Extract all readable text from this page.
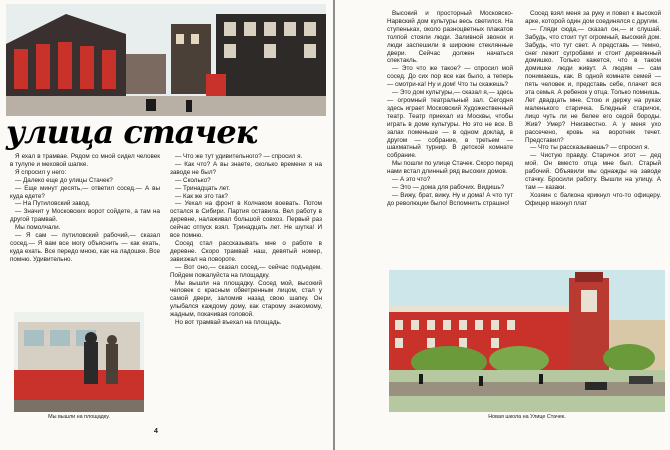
улица стачек

Я ехал в трамвае. Рядом со мной сидел человек в тулупе и меховой шапке.

Я спросил у него:

— Далеко еще до улицы Стачек?

— Еще минут десять,— ответил сосед.— А вы куда едете?

— На Путиловский завод.

— Значит у Московских ворот сойдете, а там на другой трамвай.

Мы помолчали.

— Я сам — путиловский рабочий,— сказал сосед.— Я вам все могу объяснить — как ехать, куда ехать. Все передо мною, как на ладошке. Все помню. Удивительно.

Мы вышли на площадку.

— Что же тут удивительного? — спросил я.

— Как что? А вы знаете, сколько времени я на заводе не был?

— Сколько?

— Тринадцать лет.

— Как же это так?

— Уехал на фронт в Колчаком воевать. Потом остался в Сибири. Партия оставила. Вел работу в деревне, налаживал большой совхоз. Первый раз сейчас отпуск взял. Тринадцать лет. Не шутка! И все помню.

Сосед стал рассказывать мне о работе в деревне. Скоро трамвай наш, девятый номер, завизжал на повороте.

— Вот оно,— сказал сосед,— сейчас подъедем. Пойдем пожалуйста на площадку.

Мы вышли на площадку. Сосед мой, высокий человек с красным обветренным лицом, стал у самой двери, заломив назад свою шапку. Он улыбался каждому дому, как старому знакомому, жадным, покачивая головой.

Но вот трамвай въехал на площадь.

4

Высокий и просторный Московско-Нарвский дом культуры весь светился. На ступеньках, около разноцветных плакатов толпой стояли люди. Заливной звонок и люди заспешили в широкие стеклянные двери. Сейчас должен начаться спектакль.

— Это что же такое? — спросил мой сосед. До сих пор все как было, а теперь — смотри-ка! Ну и дом! Что ты скажешь?

— Это дом культуры,— сказал я,— здесь — огромный театральный зал. Сегодня здесь играет Московский Художественный театр. Театр приехал из Москвы, чтобы играть в доме культуры. Но это не все. В залах поменьше — в одном доклад, в другом — собрание, в третьем — шахматный турнир. В детской комнате собрание.

Мы пошли по улице Стачек. Скоро перед нами встал длинный ряд высоких домов.

— А это что?

— Это — дома для рабочих. Видишь?

— Вижу, брат, вижу. Ну и дома! А что тут до революции было! Вспомнить страшно!

Сосед взял меня за руку и повел к высокой арке, которой один дом соединялся с другим.

— Гляди сюда,— сказал он,— и слушай. Забудь, что стоит тут огромный, высокий дом. Забудь, что тут свет. А представь — темно, снег лежит сугробами и стоит деревянный домишко. Только кажется, что в таком домишке люди живут. А людям — сам понимаешь, как. В одной комнате семей — пять человек и, представь себе, плачет вся эта семья. А ребенок у отца. Только помнишь. Лет двадцать мне. Стою и держу на руках маленького старичка. Бледный старичок, лицо чуть ли не белее его седой бороды. Жив? Умер? Неизвестно. А у меня ухо рассечено, кровь на воротник течет. Представил?

— Что ты рассказываешь? — спросил я.

— Чистую правду. Старичок этот — дед мой. Он вместо отца мне был. Старый рабочий. Объявили мы однажды на заводе стачку. Бросили работу. Вышли на улицу. А там — казаки.

Хозяин с балкона крикнул что-то офицеру. Офицер махнул плат

Новая школа на Улице Стачек.
